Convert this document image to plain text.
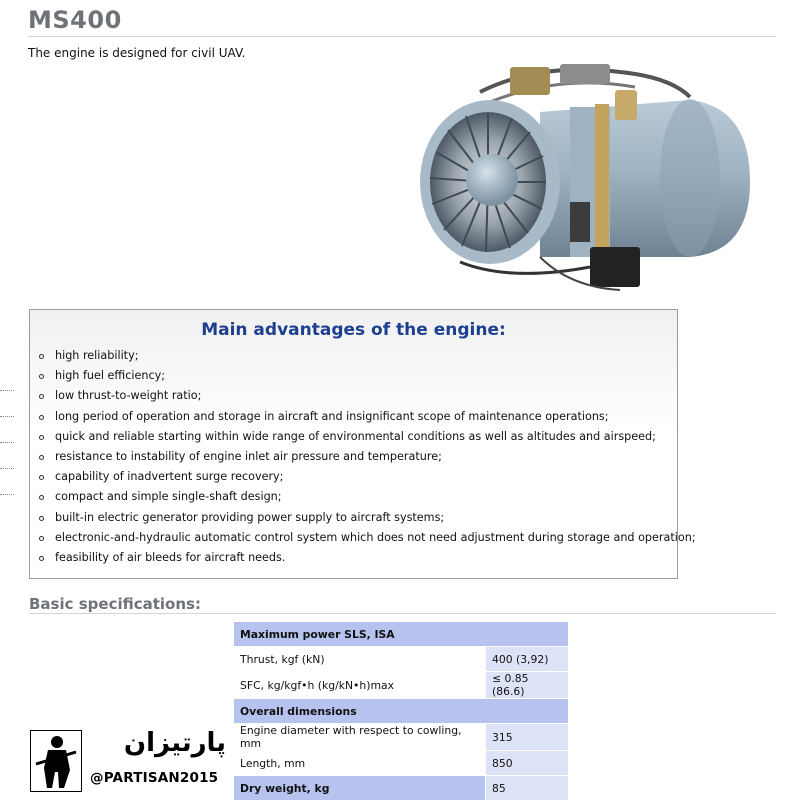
MS400
The engine is designed for civil UAV.
Main advantages of the engine:
high reliability;
high fuel efficiency;
low thrust-to-weight ratio;
long period of operation and storage in aircraft and insignificant scope of maintenance operations;
quick and reliable starting within wide range of environmental conditions as well as altitudes and airspeed;
resistance to instability of engine inlet air pressure and temperature;
capability of inadvertent surge recovery;
compact and simple single-shaft design;
built-in electric generator providing power supply to aircraft systems;
electronic-and-hydraulic automatic control system which does not need adjustment during storage and operation;
feasibility of air bleeds for aircraft needs.
Basic specifications:
Maximum power SLS, ISA	
Thrust, kgf (kN)	400 (3,92)
SFC, kg/kgf•h (kg/kN•h)max	≤ 0.85 (86.6)
Overall dimensions	
Engine diameter with respect to cowling, mm	315
Length, mm	850
Dry weight, kg	85
پارتیزان
@PARTISAN2015
